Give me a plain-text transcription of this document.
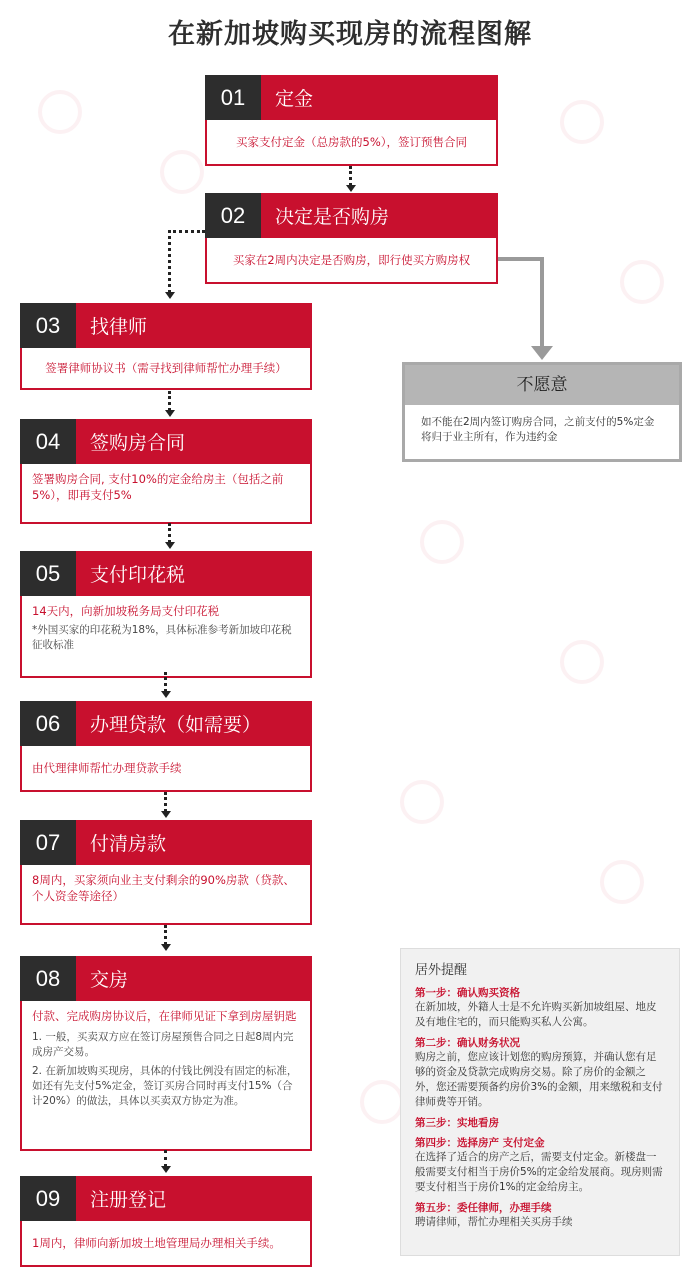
在新加坡购买现房的流程图解
01	定金

买家支付定金（总房款的5%），签订预售合同

02	决定是否购房

买家在2周内决定是否购房，即行使买方购房权

不愿意
如不能在2周内签订购房合同，之前支付的5%定金将归于业主所有，作为违约金
03	找律师

签署律师协议书（需寻找到律师帮忙办理手续）

04	签购房合同

签署购房合同, 支付10%的定金给房主（包括之前5%），即再支付5%

05	支付印花税

14天内，向新加坡税务局支付印花税

*外国买家的印花税为18%，具体标准参考新加坡印花税征收标准

06	办理贷款（如需要）

由代理律师帮忙办理贷款手续

07	付清房款

8周内，买家须向业主支付剩余的90%房款（贷款、个人资金等途径）

08	交房

付款、完成购房协议后，在律师见证下拿到房屋钥匙

1. 一般，买卖双方应在签订房屋预售合同之日起8周内完成房产交易。
2. 在新加坡购买现房，具体的付钱比例没有固定的标准，如还有先支付5%定金，签订买房合同时再支付15%（合计20%）的做法，具体以买卖双方协定为准。
09	注册登记

1周内，律师向新加坡土地管理局办理相关手续。

居外提醒
第一步：确认购买资格
在新加坡，外籍人士是不允许购买新加坡组屋、地皮及有地住宅的，而只能购买私人公寓。
第二步：确认财务状况
购房之前，您应该计划您的购房预算，并确认您有足够的资金及贷款完成购房交易。除了房价的金额之外，您还需要预备约房价3%的金额，用来缴税和支付律师费等开销。
第三步：实地看房
第四步：选择房产 支付定金
在选择了适合的房产之后，需要支付定金。新楼盘一般需要支付相当于房价5%的定金给发展商。现房则需要支付相当于房价1%的定金给房主。
第五步：委任律师，办理手续
聘请律师，帮忙办理相关买房手续
